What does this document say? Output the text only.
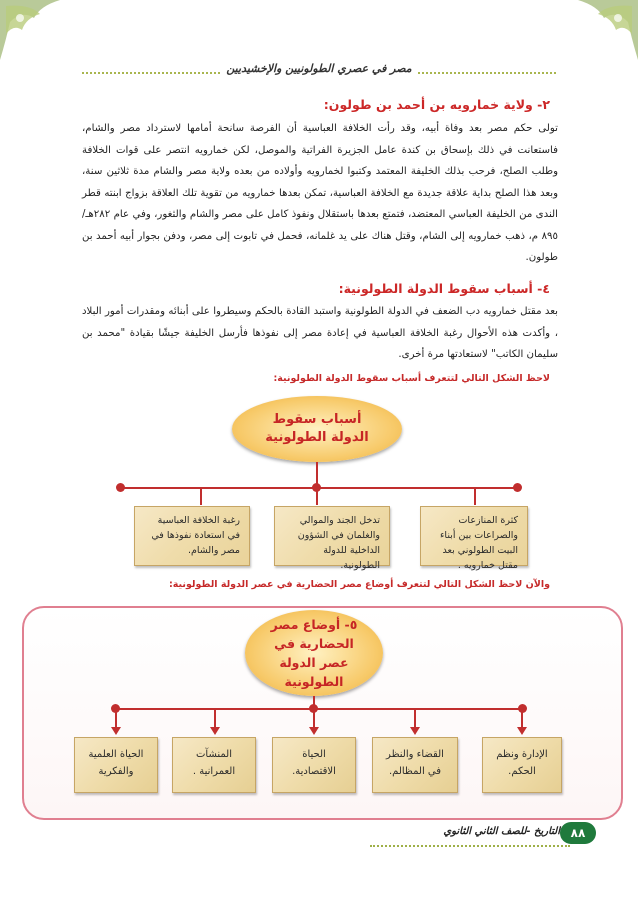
مصر في عصري الطولونيين والإخشيديين
٢- ولاية خمارويه بن أحمد بن طولون:

تولى حكم مصر بعد وفاة أبيه، وقد رأت الخلافة العباسية أن الفرصة سانحة أمامها لاسترداد مصر والشام، فاستعانت في ذلك بإسحاق بن كندة عامل الجزيرة الفراتية والموصل، لكن خمارويه انتصر على قوات الخلافة وطلب الصلح، فرحب بذلك الخليفة المعتمد وكتبوا لخمارويه وأولاده من بعده ولاية مصر والشام مدة ثلاثين سنة، وبعد هذا الصلح بداية علاقة جديدة مع الخلافة العباسية، تمكن بعدها خمارويه من تقوية تلك العلاقة بزواج ابنته قطر الندى من الخليفة العباسي المعتضد، فتمتع بعدها باستقلال ونفوذ كامل على مصر والشام والثغور، وفي عام ٢٨٢هـ/٨٩٥ م، ذهب خمارويه إلى الشام، وقتل هناك على يد غلمانه، فحمل في تابوت إلى مصر، ودفن بجوار أبيه أحمد بن طولون.

٤- أسباب سقوط الدولة الطولونية:

بعد مقتل خمارويه دب الضعف في الدولة الطولونية واستبد القادة بالحكم وسيطروا على أبنائه ومقدرات أمور البلاد ، وأكدت هذه الأحوال رغبة الخلافة العباسية في إعادة مصر إلى نفوذها فأرسل الخليفة جيشًا بقيادة "محمد بن سليمان الكاتب" لاستعادتها مرة أخرى.

لاحظ الشكل التالي لتتعرف أسباب سقوط الدولة الطولونية:

أسباب سقوط الدولة الطولونية
كثرة المنازعات والصراعات بين أبناء البيت الطولوني بعد مقتل خمارويه .
تدخل الجند والموالي والغلمان في الشؤون الداخلية للدولة الطولونية.
رغبة الخلافة العباسية في استعادة نفوذها في مصر والشام.

والآن لاحظ الشكل التالي لتتعرف أوضاع مصر الحضارية في عصر الدولة الطولونية:

٥- أوضاع مصر الحضارية في عصر الدولة الطولونية
الإدارة ونظم الحكم.
القضاء والنظر في المظالم.
الحياة الاقتصادية.
المنشآت العمرانية .
الحياة العلمية والفكرية
التاريخ -للصف الثاني الثانوي ٨٨
